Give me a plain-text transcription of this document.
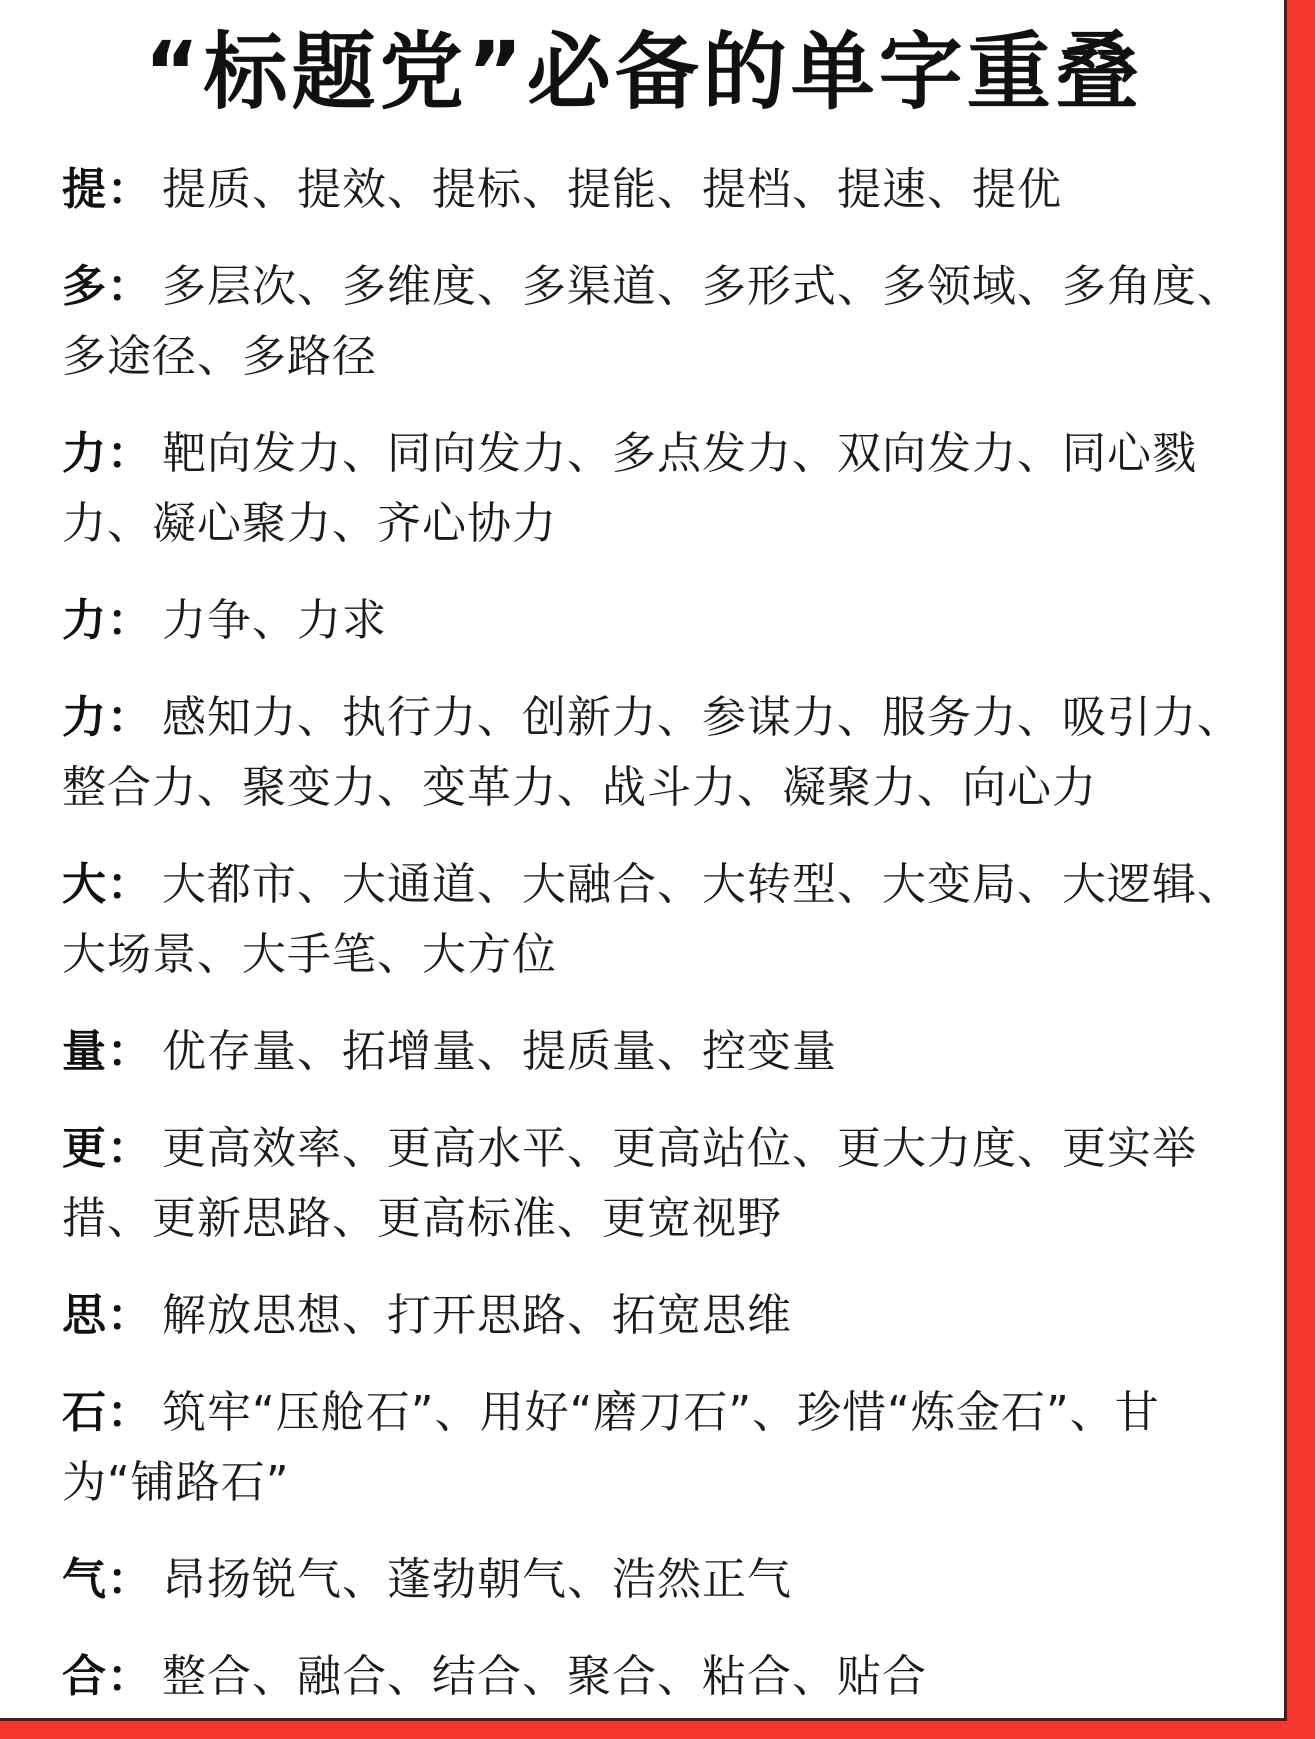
“标题党”必备的单字重叠
提： 提质、提效、提标、提能、提档、提速、提优
多： 多层次、多维度、多渠道、多形式、多领域、多角度、多途径、多路径
力： 靶向发力、同向发力、多点发力、双向发力、同心戮力、凝心聚力、齐心协力
力： 力争、力求
力： 感知力、执行力、创新力、参谋力、服务力、吸引力、整合力、聚变力、变革力、战斗力、凝聚力、向心力
大： 大都市、大通道、大融合、大转型、大变局、大逻辑、大场景、大手笔、大方位
量： 优存量、拓增量、提质量、控变量
更： 更高效率、更高水平、更高站位、更大力度、更实举措、更新思路、更高标准、更宽视野
思： 解放思想、打开思路、拓宽思维
石： 筑牢“压舱石”、用好“磨刀石”、珍惜“炼金石”、甘为“铺路石”
气： 昂扬锐气、蓬勃朝气、浩然正气
合： 整合、融合、结合、聚合、粘合、贴合
